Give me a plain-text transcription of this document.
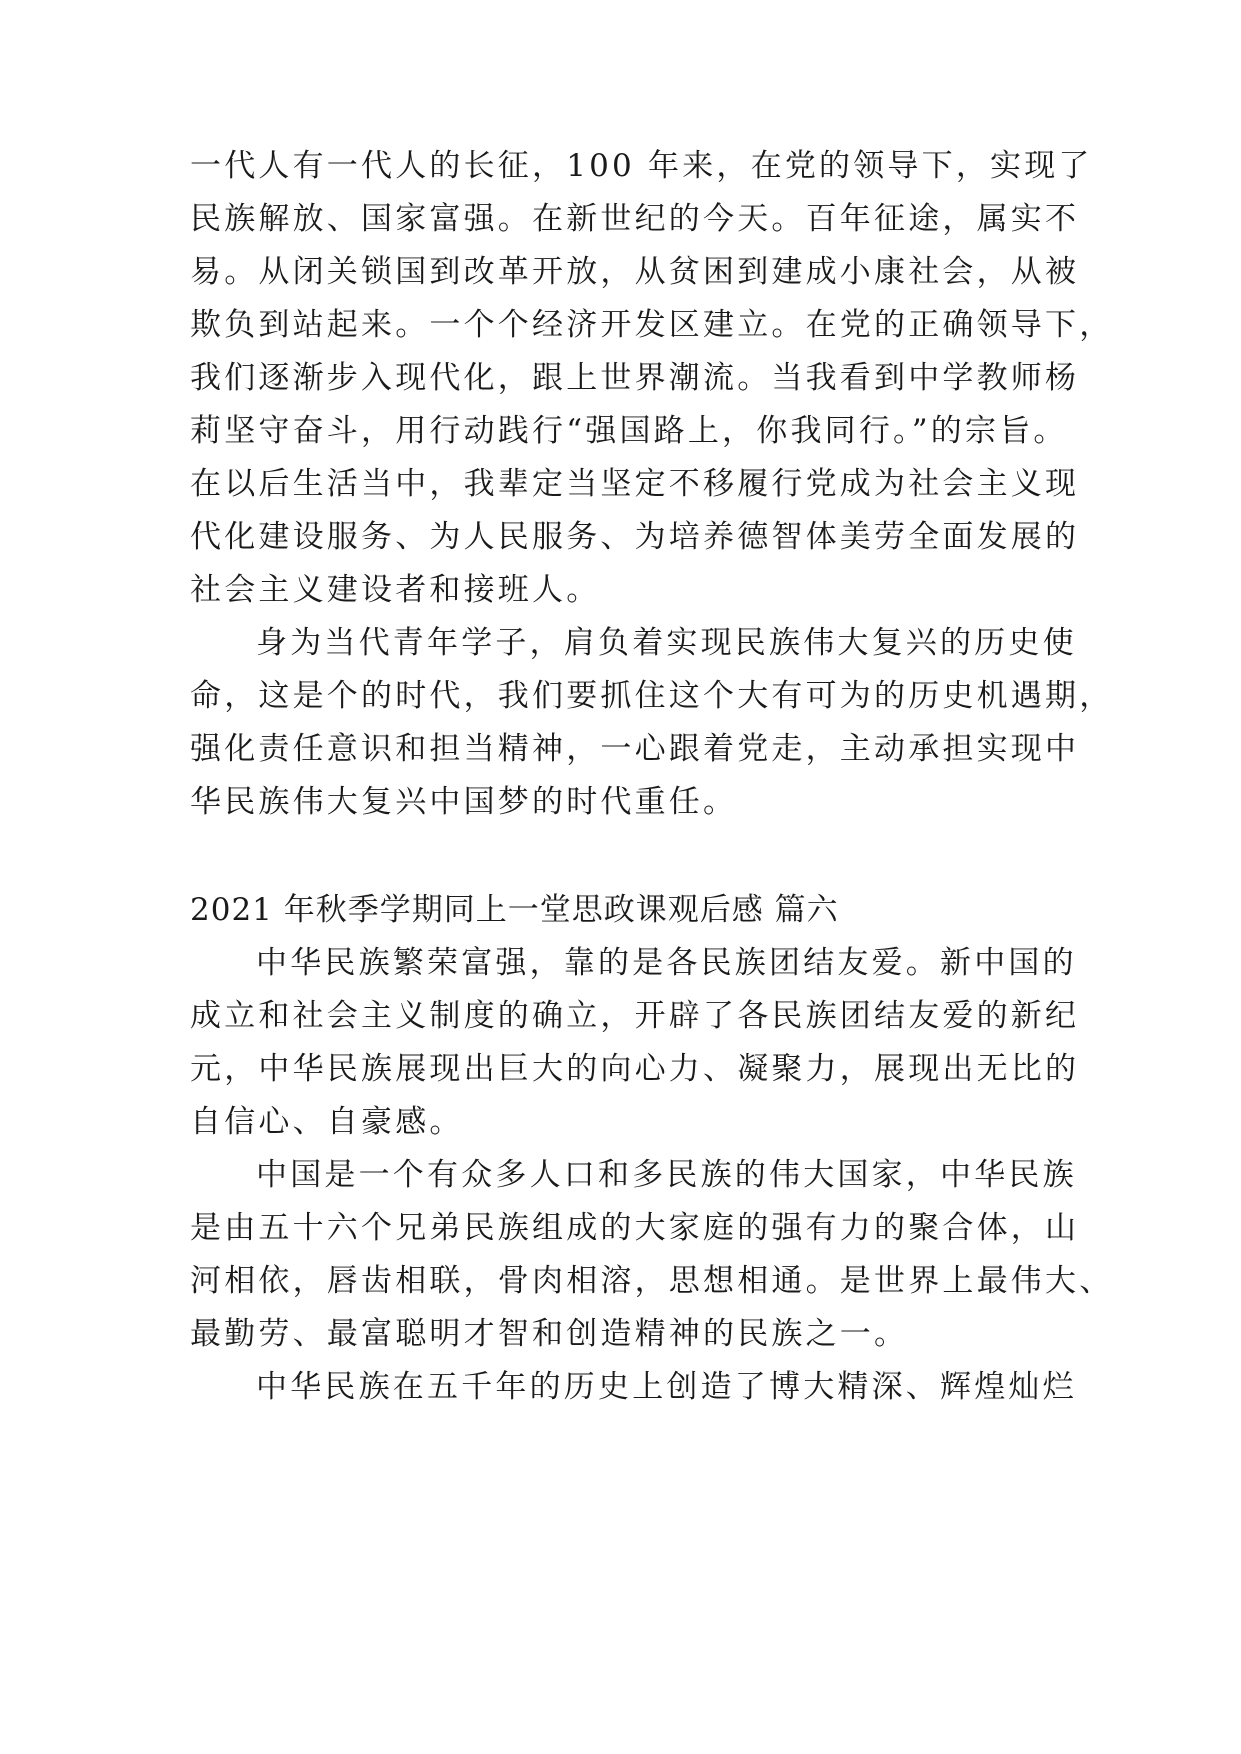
一代人有一代人的长征，100 年来，在党的领导下，实现了
民族解放、国家富强。在新世纪的今天。百年征途，属实不
易。从闭关锁国到改革开放，从贫困到建成小康社会，从被
欺负到站起来。一个个经济开发区建立。在党的正确领导下，
我们逐渐步入现代化，跟上世界潮流。当我看到中学教师杨
莉坚守奋斗，用行动践行“强国路上，你我同行。”的宗旨。
在以后生活当中，我辈定当坚定不移履行党成为社会主义现
代化建设服务、为人民服务、为培养德智体美劳全面发展的
社会主义建设者和接班人。
身为当代青年学子，肩负着实现民族伟大复兴的历史使
命，这是个的时代，我们要抓住这个大有可为的历史机遇期，
强化责任意识和担当精神，一心跟着党走，主动承担实现中
华民族伟大复兴中国梦的时代重任。
2021 年秋季学期同上一堂思政课观后感 篇六
中华民族繁荣富强，靠的是各民族团结友爱。新中国的
成立和社会主义制度的确立，开辟了各民族团结友爱的新纪
元，中华民族展现出巨大的向心力、凝聚力，展现出无比的
自信心、自豪感。
中国是一个有众多人口和多民族的伟大国家，中华民族
是由五十六个兄弟民族组成的大家庭的强有力的聚合体，山
河相依，唇齿相联，骨肉相溶，思想相通。是世界上最伟大、
最勤劳、最富聪明才智和创造精神的民族之一。
中华民族在五千年的历史上创造了博大精深、辉煌灿烂
